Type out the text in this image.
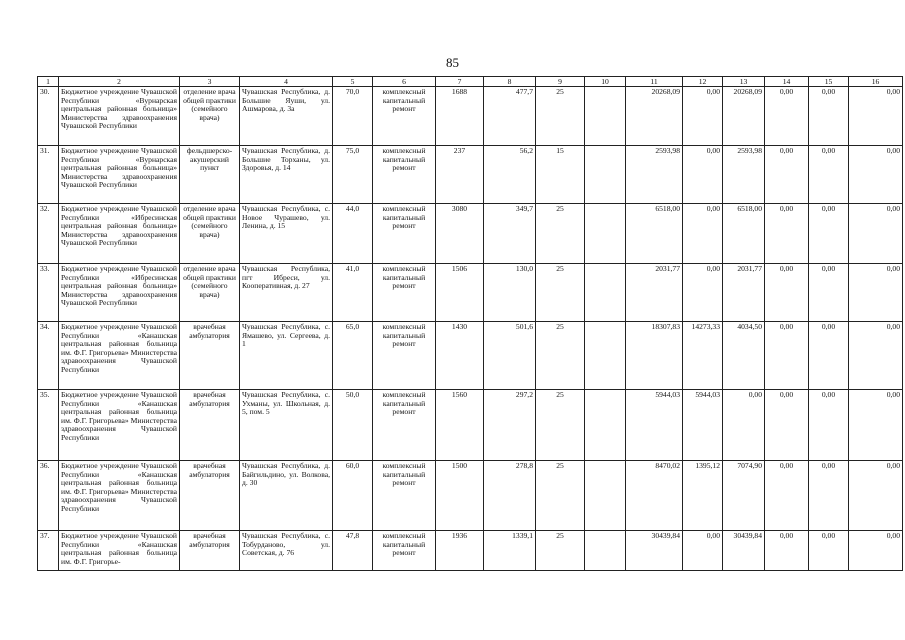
85
1	2	3	4	5	6	7	8	9	10	11	12	13	14	15	16
30.	Бюджетное учреждение Чувашской Республики «Вурнарская центральная районная больница» Министерства здравоохранения Чувашской Республики	отделение врача общей практики (семейного врача)	Чувашская Республика, д. Большие Яуши, ул. Ашмарова, д. 3а	70,0	комплексный капитальный ремонт	1688	477,7	25		20268,09	0,00	20268,09	0,00	0,00	0,00
31.	Бюджетное учреждение Чувашской Республики «Вурнарская центральная районная больница» Министерства здравоохранения Чувашской Республики	фельдшерско-акушерский пункт	Чувашская Республика, д. Большие Торханы, ул. Здоровья, д. 14	75,0	комплексный капитальный ремонт	237	56,2	15		2593,98	0,00	2593,98	0,00	0,00	0,00
32.	Бюджетное учреждение Чувашской Республики «Ибресинская центральная районная больница» Министерства здравоохранения Чувашской Республики	отделение врача общей практики (семейного врача)	Чувашская Республика, с. Новое Чурашево, ул. Ленина, д. 15	44,0	комплексный капитальный ремонт	3080	349,7	25		6518,00	0,00	6518,00	0,00	0,00	0,00
33.	Бюджетное учреждение Чувашской Республики «Ибресинская центральная районная больница» Министерства здравоохранения Чувашской Республики	отделение врача общей практики (семейного врача)	Чувашская Республика, пгт Ибреси, ул. Кооперативная, д. 27	41,0	комплексный капитальный ремонт	1506	130,0	25		2031,77	0,00	2031,77	0,00	0,00	0,00
34.	Бюджетное учреждение Чувашской Республики «Канашская центральная районная больница им. Ф.Г. Григорьева» Министерства здравоохранения Чувашской Республики	врачебная амбулатория	Чувашская Республика, с. Ямашево, ул. Сергеева, д. 1	65,0	комплексный капитальный ремонт	1430	501,6	25		18307,83	14273,33	4034,50	0,00	0,00	0,00
35.	Бюджетное учреждение Чувашской Республики «Канашская центральная районная больница им. Ф.Г. Григорьева» Министерства здравоохранения Чувашской Республики	врачебная амбулатория	Чувашская Республика, с. Ухманы, ул. Школьная, д. 5, пом. 5	50,0	комплексный капитальный ремонт	1560	297,2	25		5944,03	5944,03	0,00	0,00	0,00	0,00
36.	Бюджетное учреждение Чувашской Республики «Канашская центральная районная больница им. Ф.Г. Григорьева» Министерства здравоохранения Чувашской Республики	врачебная амбулатория	Чувашская Республика, д. Байгильдино, ул. Волкова, д. 30	60,0	комплексный капитальный ремонт	1500	278,8	25		8470,02	1395,12	7074,90	0,00	0,00	0,00
37.	Бюджетное учреждение Чувашской Республики «Канашская центральная районная больница им. Ф.Г. Григорье-	врачебная амбулатория	Чувашская Республика, с. Тобурданово, ул. Советская, д. 76	47,8	комплексный капитальный ремонт	1936	1339,1	25		30439,84	0,00	30439,84	0,00	0,00	0,00
